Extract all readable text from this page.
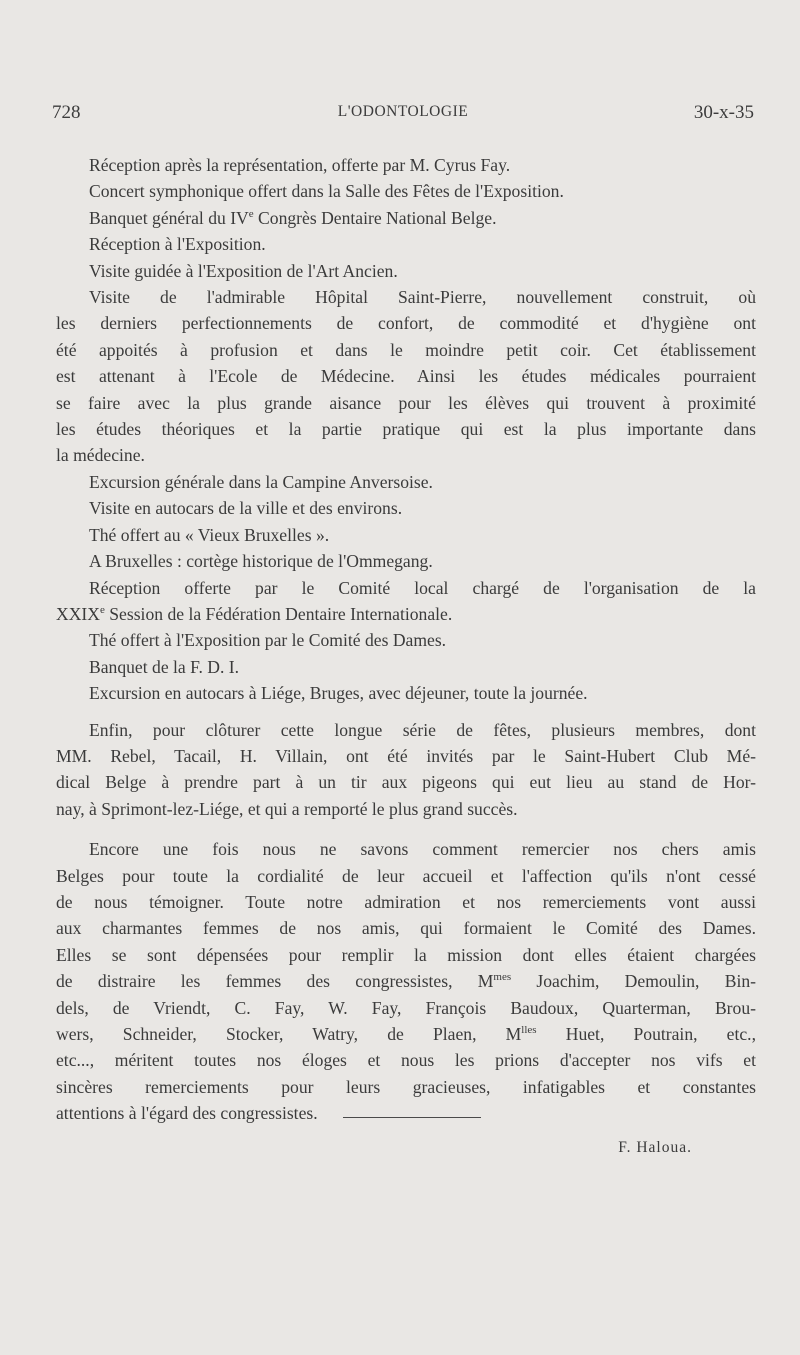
728	L'ODONTOLOGIE	30-x-35

Réception après la représentation, offerte par M. Cyrus Fay.

Concert symphonique offert dans la Salle des Fêtes de l'Exposition.

Banquet général du IVe Congrès Dentaire National Belge.

Réception à l'Exposition.

Visite guidée à l'Exposition de l'Art Ancien.

Visite de l'admirable Hôpital Saint-Pierre, nouvellement construit, où

les derniers perfectionnements de confort, de commodité et d'hygiène ont

été appoités à profusion et dans le moindre petit coir. Cet établissement

est attenant à l'Ecole de Médecine. Ainsi les études médicales pourraient

se faire avec la plus grande aisance pour les élèves qui trouvent à proximité

les études théoriques et la partie pratique qui est la plus importante dans

la médecine.

Excursion générale dans la Campine Anversoise.

Visite en autocars de la ville et des environs.

Thé offert au « Vieux Bruxelles ».

A Bruxelles : cortège historique de l'Ommegang.

Réception offerte par le Comité local chargé de l'organisation de la

XXIXe Session de la Fédération Dentaire Internationale.

Thé offert à l'Exposition par le Comité des Dames.

Banquet de la F. D. I.

Excursion en autocars à Liége, Bruges, avec déjeuner, toute la journée.

Enfin, pour clôturer cette longue série de fêtes, plusieurs membres, dont

MM. Rebel, Tacail, H. Villain, ont été invités par le Saint-Hubert Club Mé-

dical Belge à prendre part à un tir aux pigeons qui eut lieu au stand de Hor-

nay, à Sprimont-lez-Liége, et qui a remporté le plus grand succès.

Encore une fois nous ne savons comment remercier nos chers amis

Belges pour toute la cordialité de leur accueil et l'affection qu'ils n'ont cessé

de nous témoigner. Toute notre admiration et nos remerciements vont aussi

aux charmantes femmes de nos amis, qui formaient le Comité des Dames.

Elles se sont dépensées pour remplir la mission dont elles étaient chargées

de distraire les femmes des congressistes, $M^{mes}$ Joachim, Demoulin, Bin-

dels, de Vriendt, C. Fay, W. Fay, François Baudoux, Quarterman, Brou-

wers, Schneider, Stocker, Watry, de Plaen, $M^{lles}$ Huet, Poutrain, etc.,

etc..., méritent toutes nos éloges et nous les prions d'accepter nos vifs et

sincères remerciements pour leurs gracieuses, infatigables et constantes

attentions à l'égard des congressistes.

F. Haloua.
